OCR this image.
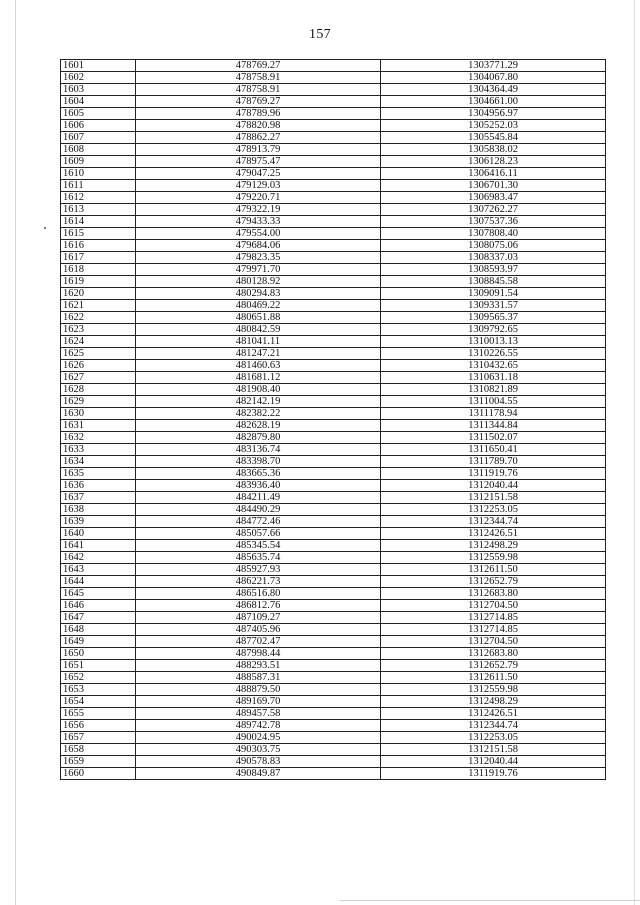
157
1601	478769.27	1303771.29
1602	478758.91	1304067.80
1603	478758.91	1304364.49
1604	478769.27	1304661.00
1605	478789.96	1304956.97
1606	478820.98	1305252.03
1607	478862.27	1305545.84
1608	478913.79	1305838.02
1609	478975.47	1306128.23
1610	479047.25	1306416.11
1611	479129.03	1306701.30
1612	479220.71	1306983.47
1613	479322.19	1307262.27
1614	479433.33	1307537.36
1615	479554.00	1307808.40
1616	479684.06	1308075.06
1617	479823.35	1308337.03
1618	479971.70	1308593.97
1619	480128.92	1308845.58
1620	480294.83	1309091.54
1621	480469.22	1309331.57
1622	480651.88	1309565.37
1623	480842.59	1309792.65
1624	481041.11	1310013.13
1625	481247.21	1310226.55
1626	481460.63	1310432.65
1627	481681.12	1310631.18
1628	481908.40	1310821.89
1629	482142.19	1311004.55
1630	482382.22	1311178.94
1631	482628.19	1311344.84
1632	482879.80	1311502.07
1633	483136.74	1311650.41
1634	483398.70	1311789.70
1635	483665.36	1311919.76
1636	483936.40	1312040.44
1637	484211.49	1312151.58
1638	484490.29	1312253.05
1639	484772.46	1312344.74
1640	485057.66	1312426.51
1641	485345.54	1312498.29
1642	485635.74	1312559.98
1643	485927.93	1312611.50
1644	486221.73	1312652.79
1645	486516.80	1312683.80
1646	486812.76	1312704.50
1647	487109.27	1312714.85
1648	487405.96	1312714.85
1649	487702.47	1312704.50
1650	487998.44	1312683.80
1651	488293.51	1312652.79
1652	488587.31	1312611.50
1653	488879.50	1312559.98
1654	489169.70	1312498.29
1655	489457.58	1312426.51
1656	489742.78	1312344.74
1657	490024.95	1312253.05
1658	490303.75	1312151.58
1659	490578.83	1312040.44
1660	490849.87	1311919.76
